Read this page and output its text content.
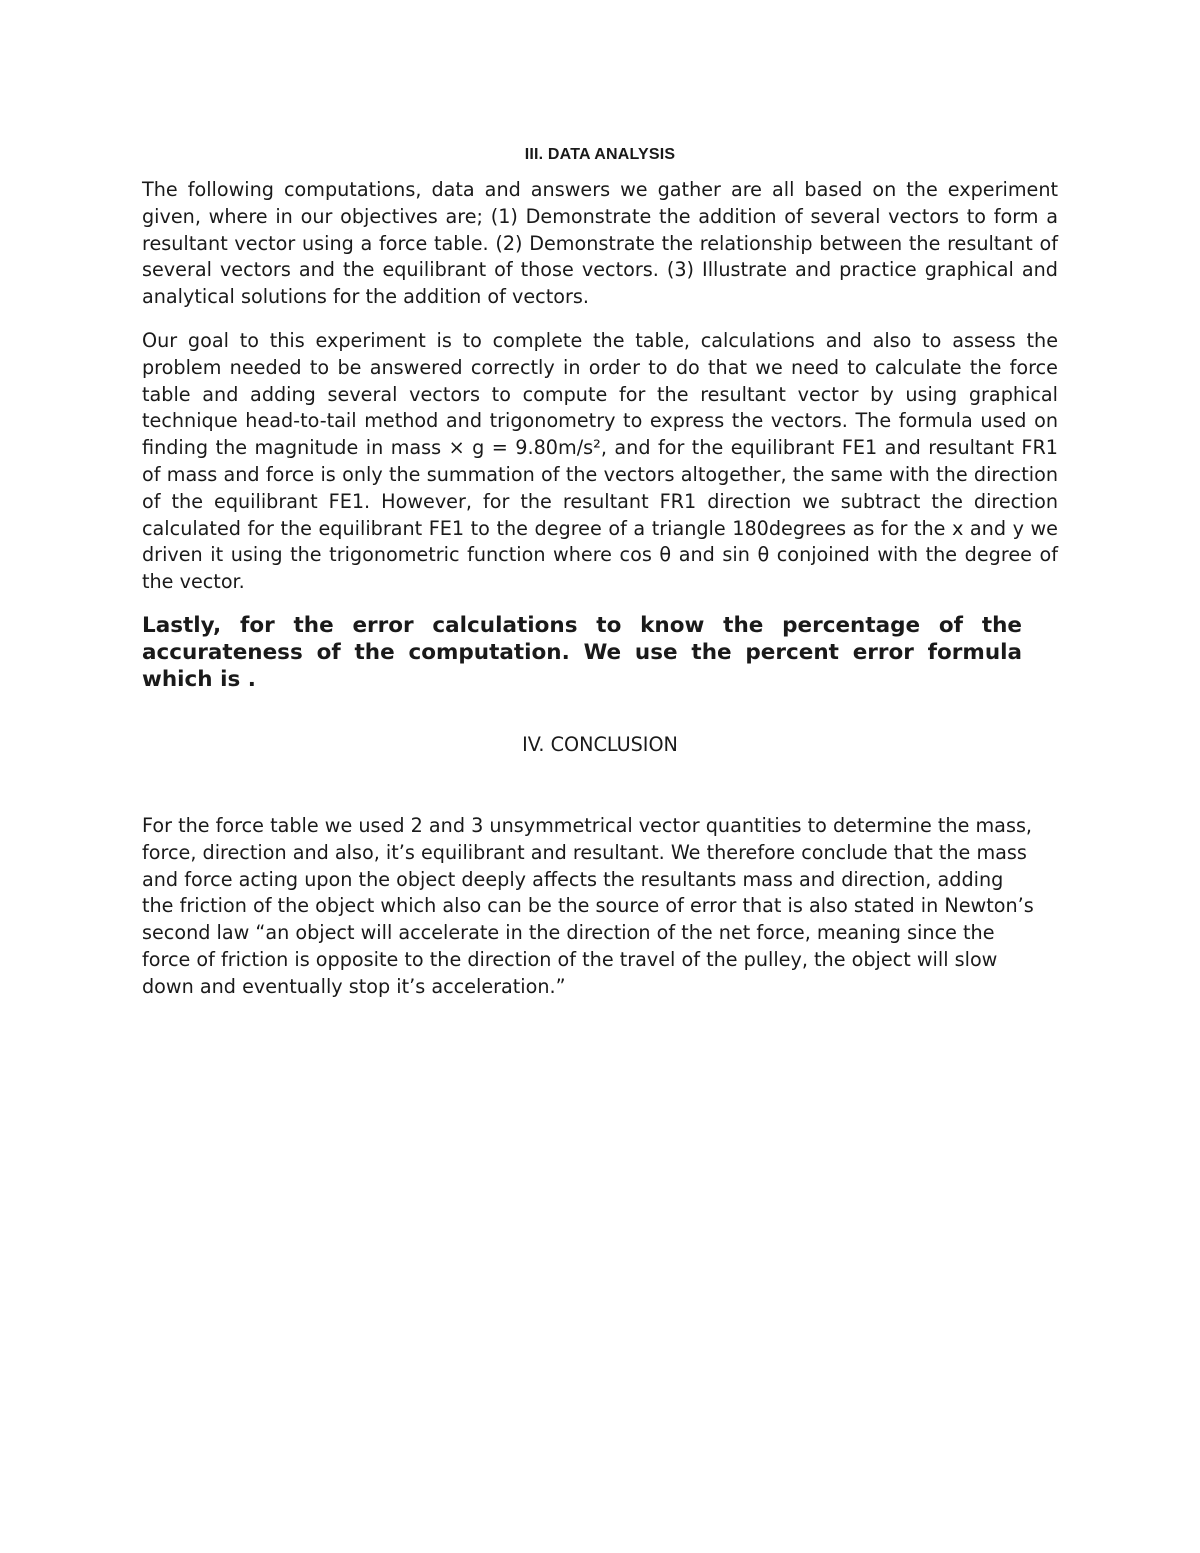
III. DATA ANALYSIS

The following computations, data and answers we gather are all based on the experiment given, where in our objectives are; (1) Demonstrate the addition of several vectors to form a resultant vector using a force table. (2) Demonstrate the relationship between the resultant of several vectors and the equilibrant of those vectors. (3) Illustrate and practice graphical and analytical solutions for the addition of vectors.

Our goal to this experiment is to complete the table, calculations and also to assess the problem needed to be answered correctly in order to do that we need to calculate the force table and adding several vectors to compute for the resultant vector by using graphical technique head-to-tail method and trigonometry to express the vectors. The formula used on finding the magnitude in mass × g = 9.80m/s², and for the equilibrant FE1 and resultant FR1 of mass and force is only the summation of the vectors altogether, the same with the direction of the equilibrant FE1. However, for the resultant FR1 direction we subtract the direction calculated for the equilibrant FE1 to the degree of a triangle 180degrees as for the x and y we driven it using the trigonometric function where cos θ and sin θ conjoined with the degree of the vector.

Lastly, for the error calculations to know the percentage of the accurateness of the computation. We use the percent error formula which is .

IV. CONCLUSION

For the force table we used 2 and 3 unsymmetrical vector quantities to determine the mass, force, direction and also, it’s equilibrant and resultant. We therefore conclude that the mass and force acting upon the object deeply affects the resultants mass and direction, adding the friction of the object which also can be the source of error that is also stated in Newton’s second law “an object will accelerate in the direction of the net force, meaning since the force of friction is opposite to the direction of the travel of the pulley, the object will slow down and eventually stop it’s acceleration.”
